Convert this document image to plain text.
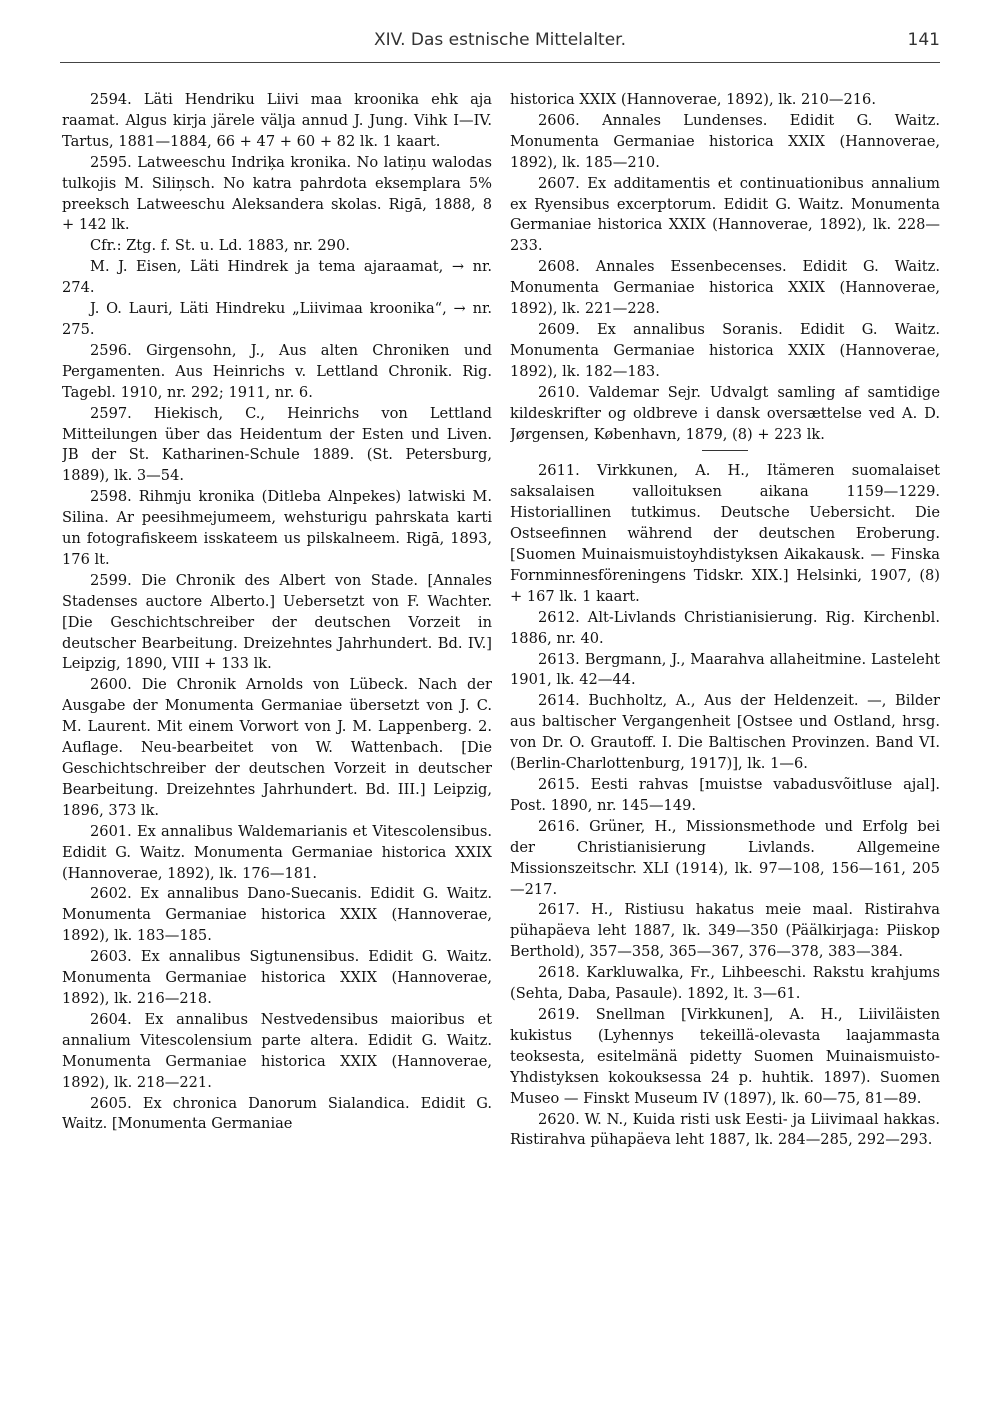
XIV. Das estnische Mittelalter.	141

2594. Läti Hendriku Liivi maa kroonika ehk aja raamat. Algus kirja järele välja annud J. Jung. Vihk I—IV. Tartus, 1881—1884, 66 + 47 + 60 + 82 lk. 1 kaart.

2595. Latweeschu Indriķa kronika. No latiņu walodas tulkojis M. Siliņsch. No katra pahrdota eksemplara 5% preeksch Latweeschu Aleksandera skolas. Rigā, 1888, 8 + 142 lk.

Cfr.: Ztg. f. St. u. Ld. 1883, nr. 290.

M. J. Eisen, Läti Hindrek ja tema ajaraamat, → nr. 274.

J. O. Lauri, Läti Hindreku „Liivimaa kroonika“, → nr. 275.

2596. Girgensohn, J., Aus alten Chroniken und Pergamenten. Aus Heinrichs v. Lettland Chronik. Rig. Tagebl. 1910, nr. 292; 1911, nr. 6.

2597. Hiekisch, C., Heinrichs von Lettland Mitteilungen über das Heidentum der Esten und Liven. JB der St. Katharinen-Schule 1889. (St. Petersburg, 1889), lk. 3—54.

2598. Rihmju kronika (Ditleba Alnpekes) latwiski M. Silina. Ar peesihmejumeem, wehsturigu pahrskata karti un fotografiskeem isskateem us pilskalneem. Rigā, 1893, 176 lt.

2599. Die Chronik des Albert von Stade. [Annales Stadenses auctore Alberto.] Uebersetzt von F. Wachter. [Die Geschichtschreiber der deutschen Vorzeit in deutscher Bearbeitung. Dreizehntes Jahrhundert. Bd. IV.] Leipzig, 1890, VIII + 133 lk.

2600. Die Chronik Arnolds von Lübeck. Nach der Ausgabe der Monumenta Germaniae übersetzt von J. C. M. Laurent. Mit einem Vorwort von J. M. Lappenberg. 2. Auflage. Neu-bearbeitet von W. Wattenbach. [Die Geschichtschreiber der deutschen Vorzeit in deutscher Bearbeitung. Dreizehntes Jahrhundert. Bd. III.] Leipzig, 1896, 373 lk.

2601. Ex annalibus Waldemarianis et Vitescolensibus. Edidit G. Waitz. Monumenta Germaniae historica XXIX (Hannoverae, 1892), lk. 176—181.

2602. Ex annalibus Dano-Suecanis. Edidit G. Waitz. Monumenta Germaniae historica XXIX (Hannoverae, 1892), lk. 183—185.

2603. Ex annalibus Sigtunensibus. Edidit G. Waitz. Monumenta Germaniae historica XXIX (Hannoverae, 1892), lk. 216—218.

2604. Ex annalibus Nestvedensibus maioribus et annalium Vitescolensium parte altera. Edidit G. Waitz. Monumenta Germaniae historica XXIX (Hannoverae, 1892), lk. 218—221.

2605. Ex chronica Danorum Sialandica. Edidit G. Waitz. [Monumenta Germaniae

historica XXIX (Hannoverae, 1892), lk. 210—216.

2606. Annales Lundenses. Edidit G. Waitz. Monumenta Germaniae historica XXIX (Hannoverae, 1892), lk. 185—210.

2607. Ex additamentis et continuationibus annalium ex Ryensibus excerptorum. Edidit G. Waitz. Monumenta Germaniae historica XXIX (Hannoverae, 1892), lk. 228—233.

2608. Annales Essenbecenses. Edidit G. Waitz. Monumenta Germaniae historica XXIX (Hannoverae, 1892), lk. 221—228.

2609. Ex annalibus Soranis. Edidit G. Waitz. Monumenta Germaniae historica XXIX (Hannoverae, 1892), lk. 182—183.

2610. Valdemar Sejr. Udvalgt samling af samtidige kildeskrifter og oldbreve i dansk oversættelse ved A. D. Jørgensen, København, 1879, (8) + 223 lk.

2611. Virkkunen, A. H., Itämeren suomalaiset saksalaisen valloituksen aikana 1159—1229. Historiallinen tutkimus. Deutsche Uebersicht. Die Ostseefinnen während der deutschen Eroberung. [Suomen Muinaismuistoyhdistyksen Aikakausk. — Finska Fornminnesföreningens Tidskr. XIX.] Helsinki, 1907, (8) + 167 lk. 1 kaart.

2612. Alt-Livlands Christianisierung. Rig. Kirchenbl. 1886, nr. 40.

2613. Bergmann, J., Maarahva allaheitmine. Lasteleht 1901, lk. 42—44.

2614. Buchholtz, A., Aus der Heldenzeit. —, Bilder aus baltischer Vergangenheit [Ostsee und Ostland, hrsg. von Dr. O. Grautoff. I. Die Baltischen Provinzen. Band VI. (Berlin-Charlottenburg, 1917)], lk. 1—6.

2615. Eesti rahvas [muistse vabadusvõitluse ajal]. Post. 1890, nr. 145—149.

2616. Grüner, H., Missionsmethode und Erfolg bei der Christianisierung Livlands. Allgemeine Missionszeitschr. XLI (1914), lk. 97—108, 156—161, 205—217.

2617. H., Ristiusu hakatus meie maal. Ristirahva pühapäeva leht 1887, lk. 349—350 (Päälkirjaga: Piiskop Berthold), 357—358, 365—367, 376—378, 383—384.

2618. Karkluwalka, Fr., Lihbeeschi. Rakstu krahjums (Sehta, Daba, Pasaule). 1892, lt. 3—61.

2619. Snellman [Virkkunen], A. H., Liiviläisten kukistus (Lyhennys tekeillä-olevasta laajammasta teoksesta, esitelmänä pidetty Suomen Muinaismuisto-Yhdistyksen kokouksessa 24 p. huhtik. 1897). Suomen Museo — Finskt Museum IV (1897), lk. 60—75, 81—89.

2620. W. N., Kuida risti usk Eesti- ja Liivimaal hakkas. Ristirahva pühapäeva leht 1887, lk. 284—285, 292—293.
